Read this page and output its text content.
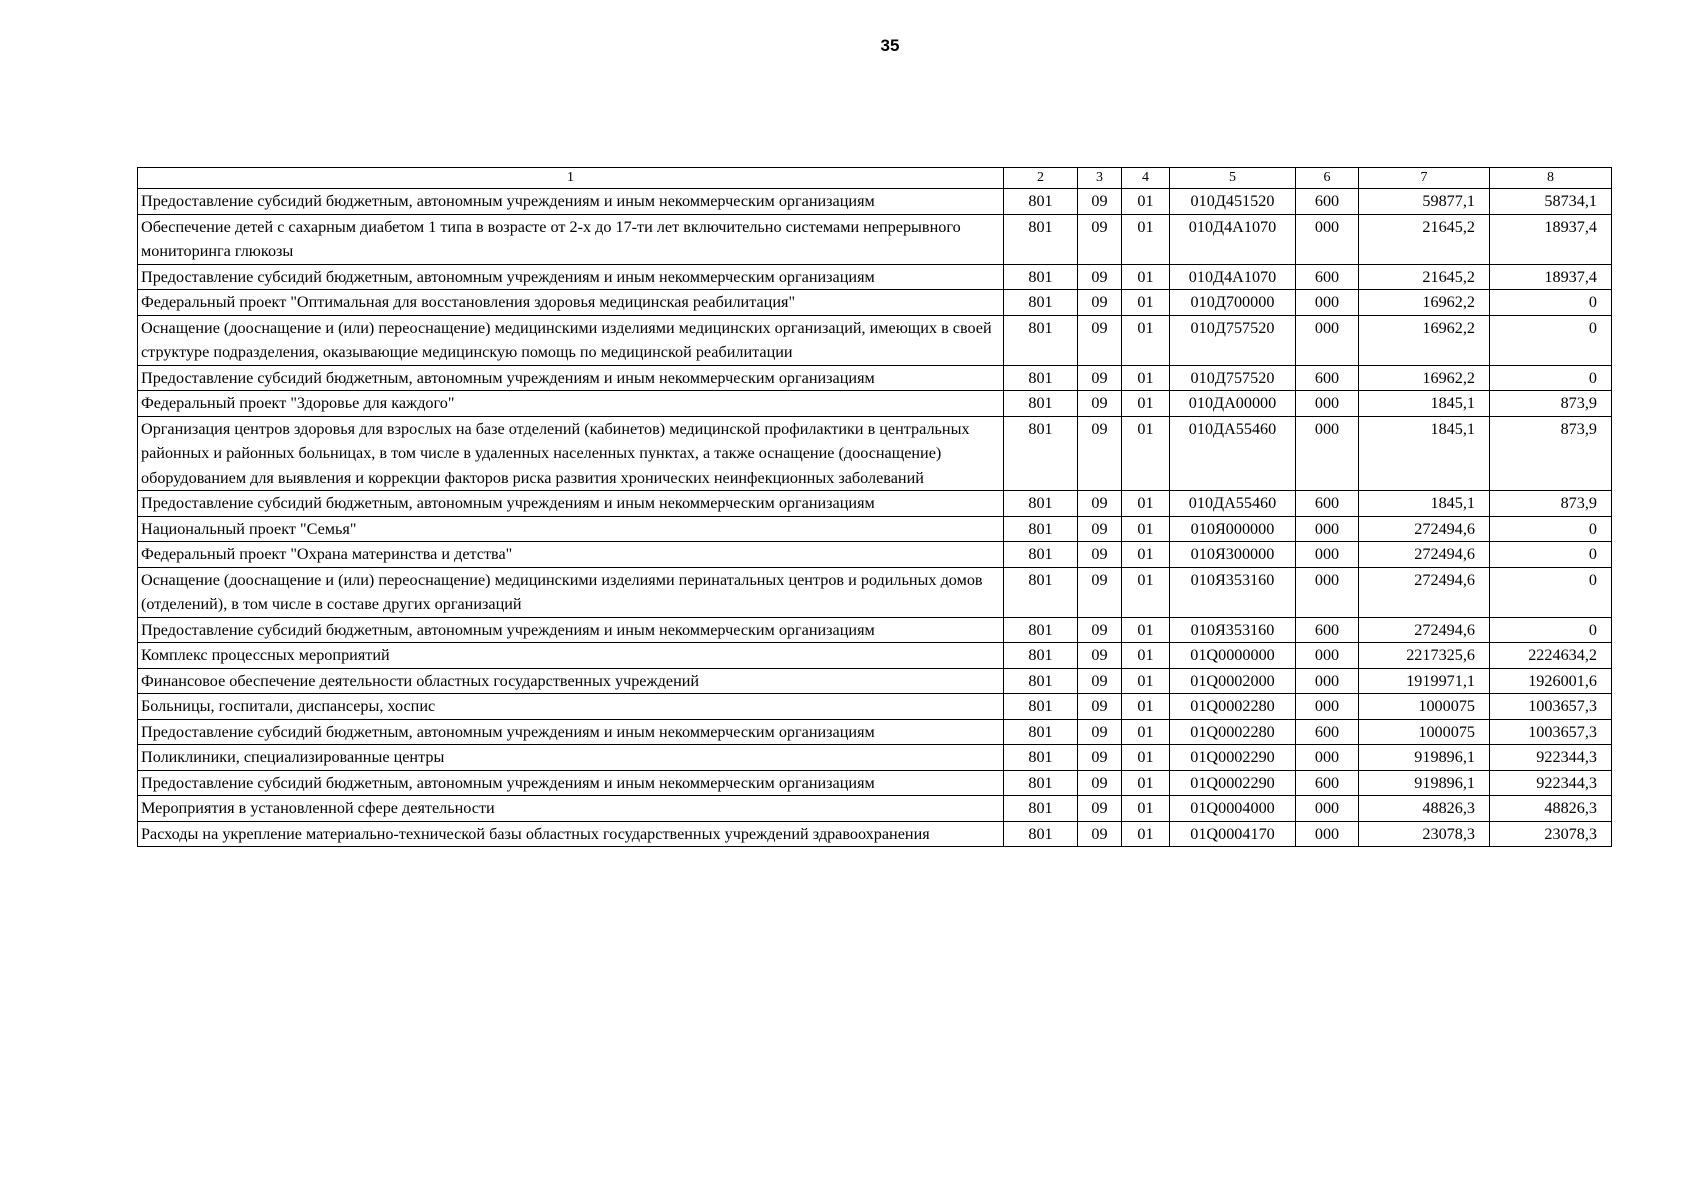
35
1	2	3	4	5	6	7	8
Предоставление субсидий бюджетным, автономным учреждениям и иным некоммерческим организациям	801	09	01	010Д451520	600	59877,1	58734,1
Обеспечение детей с сахарным диабетом 1 типа в возрасте от 2-х до 17-ти лет включительно системами непрерывного мониторинга глюкозы	801	09	01	010Д4А1070	000	21645,2	18937,4
Предоставление субсидий бюджетным, автономным учреждениям и иным некоммерческим организациям	801	09	01	010Д4А1070	600	21645,2	18937,4
Федеральный проект "Оптимальная для восстановления здоровья медицинская реабилитация"	801	09	01	010Д700000	000	16962,2	0
Оснащение (дооснащение и (или) переоснащение) медицинскими изделиями медицинских организаций, имеющих в своей структуре подразделения, оказывающие медицинскую помощь по медицинской реабилитации	801	09	01	010Д757520	000	16962,2	0
Предоставление субсидий бюджетным, автономным учреждениям и иным некоммерческим организациям	801	09	01	010Д757520	600	16962,2	0
Федеральный проект "Здоровье для каждого"	801	09	01	010ДА00000	000	1845,1	873,9
Организация центров здоровья для взрослых на базе отделений (кабинетов) медицинской профилактики в центральных районных и районных больницах, в том числе в удаленных населенных пунктах, а также оснащение (дооснащение) оборудованием для выявления и коррекции факторов риска развития хронических неинфекционных заболеваний	801	09	01	010ДА55460	000	1845,1	873,9
Предоставление субсидий бюджетным, автономным учреждениям и иным некоммерческим организациям	801	09	01	010ДА55460	600	1845,1	873,9
Национальный проект "Семья"	801	09	01	010Я000000	000	272494,6	0
Федеральный проект "Охрана материнства и детства"	801	09	01	010Я300000	000	272494,6	0
Оснащение (дооснащение и (или) переоснащение) медицинскими изделиями перинатальных центров и родильных домов (отделений), в том числе в составе других организаций	801	09	01	010Я353160	000	272494,6	0
Предоставление субсидий бюджетным, автономным учреждениям и иным некоммерческим организациям	801	09	01	010Я353160	600	272494,6	0
Комплекс процессных мероприятий	801	09	01	01Q0000000	000	2217325,6	2224634,2
Финансовое обеспечение деятельности областных государственных учреждений	801	09	01	01Q0002000	000	1919971,1	1926001,6
Больницы, госпитали, диспансеры, хоспис	801	09	01	01Q0002280	000	1000075	1003657,3
Предоставление субсидий бюджетным, автономным учреждениям и иным некоммерческим организациям	801	09	01	01Q0002280	600	1000075	1003657,3
Поликлиники, специализированные центры	801	09	01	01Q0002290	000	919896,1	922344,3
Предоставление субсидий бюджетным, автономным учреждениям и иным некоммерческим организациям	801	09	01	01Q0002290	600	919896,1	922344,3
Мероприятия в установленной сфере деятельности	801	09	01	01Q0004000	000	48826,3	48826,3
Расходы на укрепление материально-технической базы областных государственных учреждений здравоохранения	801	09	01	01Q0004170	000	23078,3	23078,3
